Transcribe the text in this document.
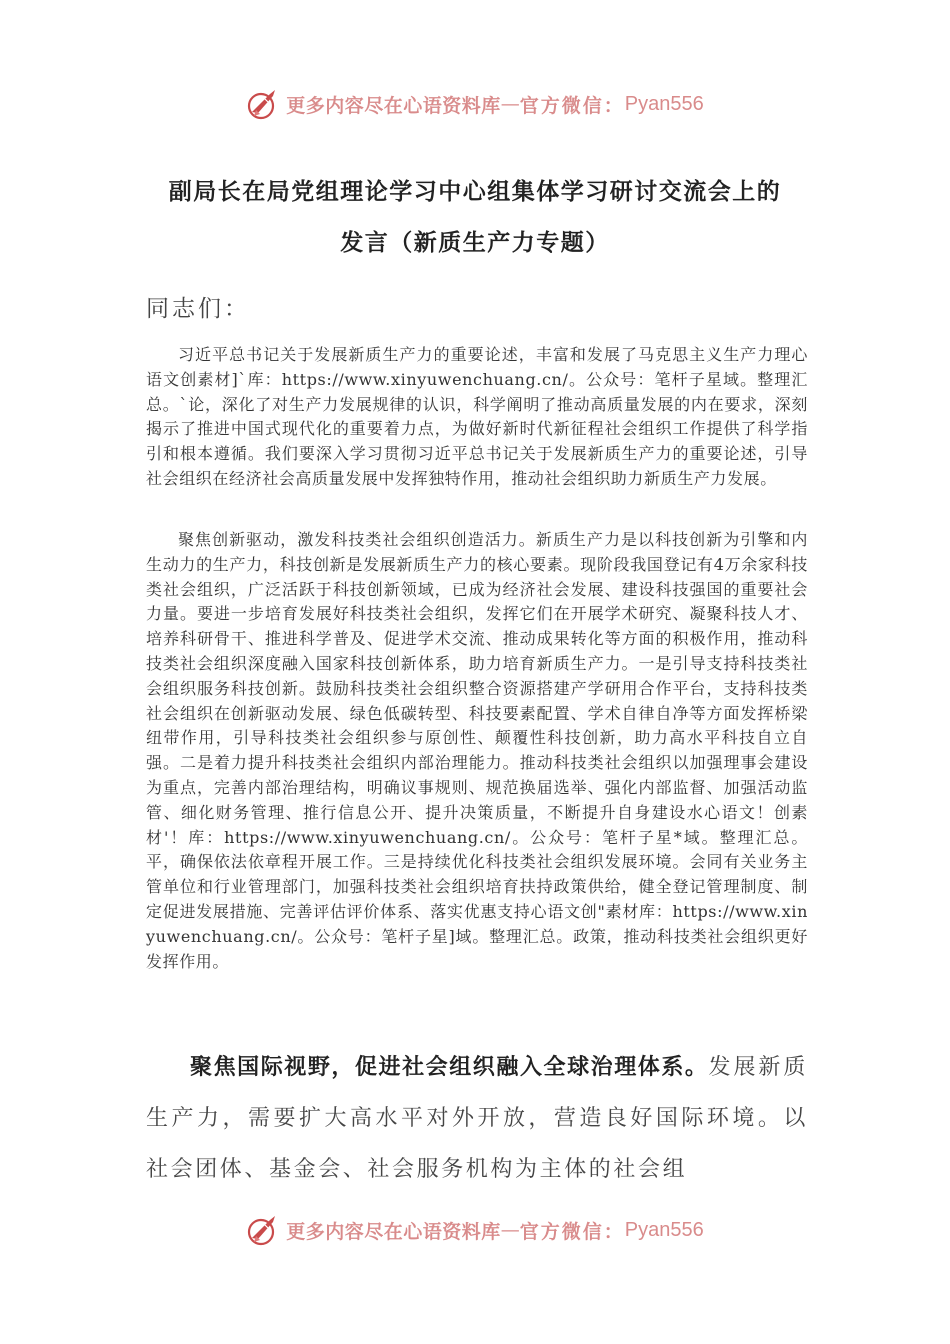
更多内容尽在心语资料库 — 官方微信： Pyan556
副局长在局党组理论学习中心组集体学习研讨交流会上的
发言（新质生产力专题）
同志们：

习近平总书记关于发展新质生产力的重要论述，丰富和发展了马克思主义生产力理心语文创素材]`库：https://www.xinyuwenchuang.cn/。公众号：笔杆子星域。整理汇总。`论，深化了对生产力发展规律的认识，科学阐明了推动高质量发展的内在要求，深刻揭示了推进中国式现代化的重要着力点，为做好新时代新征程社会组织工作提供了科学指引和根本遵循。我们要深入学习贯彻习近平总书记关于发展新质生产力的重要论述，引导社会组织在经济社会高质量发展中发挥独特作用，推动社会组织助力新质生产力发展。

聚焦创新驱动，激发科技类社会组织创造活力。新质生产力是以科技创新为引擎和内生动力的生产力，科技创新是发展新质生产力的核心要素。现阶段我国登记有4万余家科技类社会组织，广泛活跃于科技创新领域，已成为经济社会发展、建设科技强国的重要社会力量。要进一步培育发展好科技类社会组织，发挥它们在开展学术研究、凝聚科技人才、培养科研骨干、推进科学普及、促进学术交流、推动成果转化等方面的积极作用，推动科技类社会组织深度融入国家科技创新体系，助力培育新质生产力。一是引导支持科技类社会组织服务科技创新。鼓励科技类社会组织整合资源搭建产学研用合作平台，支持科技类社会组织在创新驱动发展、绿色低碳转型、科技要素配置、学术自律自净等方面发挥桥梁纽带作用，引导科技类社会组织参与原创性、颠覆性科技创新，助力高水平科技自立自强。二是着力提升科技类社会组织内部治理能力。推动科技类社会组织以加强理事会建设为重点，完善内部治理结构，明确议事规则、规范换届选举、强化内部监督、加强活动监管、细化财务管理、推行信息公开、提升决策质量，不断提升自身建设水心语文！创素材'！库：https://www.xinyuwenchuang.cn/。公众号：笔杆子星*域。整理汇总。平，确保依法依章程开展工作。三是持续优化科技类社会组织发展环境。会同有关业务主管单位和行业管理部门，加强科技类社会组织培育扶持政策供给，健全登记管理制度、制定促进发展措施、完善评估评价体系、落实优惠支持心语文创"素材库：https://www.xinyuwenchuang.cn/。公众号：笔杆子星]域。整理汇总。政策，推动科技类社会组织更好发挥作用。

聚焦国际视野，促进社会组织融入全球治理体系。发展新质生产力，需要扩大高水平对外开放，营造良好国际环境。以社会团体、基金会、社会服务机构为主体的社会组

更多内容尽在心语资料库 — 官方微信： Pyan556
